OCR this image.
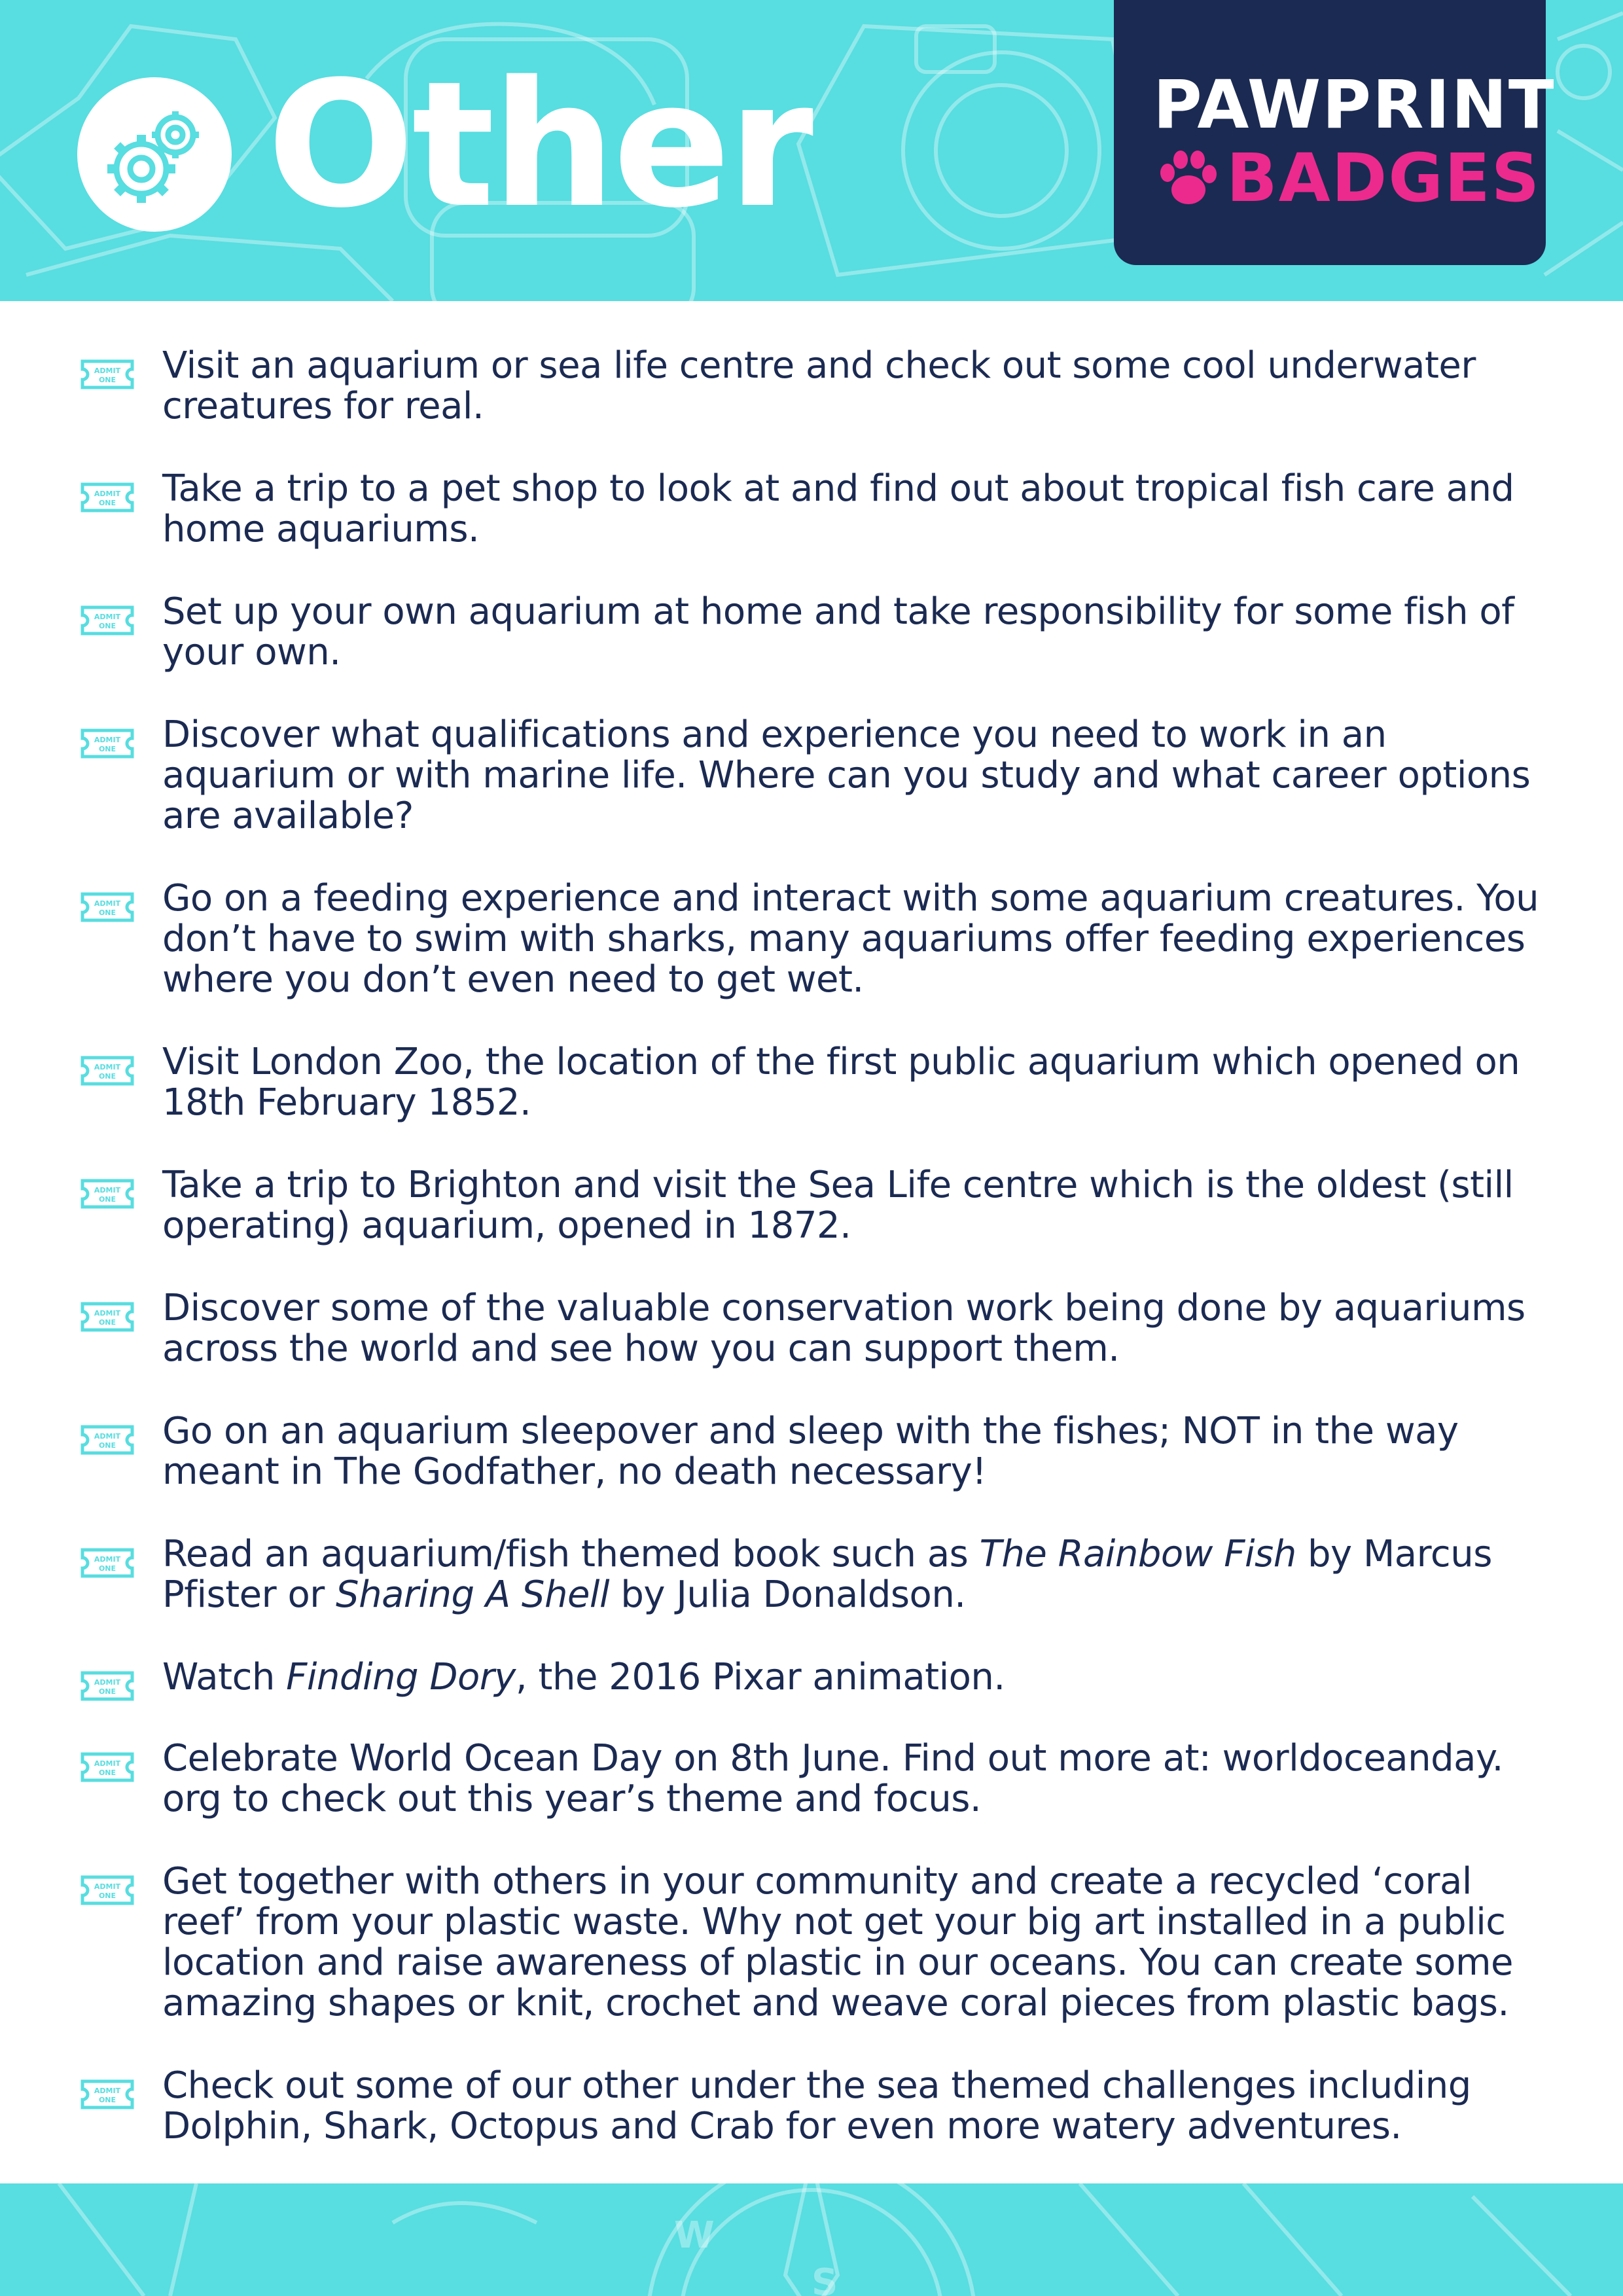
Other	PAWPRINT
BADGES
ADMIT
ONE Visit an aquarium or sea life centre and check out some cool underwater creatures for real.
ADMIT
ONE Take a trip to a pet shop to look at and find out about tropical fish care and home aquariums.
ADMIT
ONE Set up your own aquarium at home and take responsibility for some fish of your own.
ADMIT
ONE Discover what qualifications and experience you need to work in an aquarium or with marine life. Where can you study and what career options are available?
ADMIT
ONE Go on a feeding experience and interact with some aquarium creatures. You don’t have to swim with sharks, many aquariums offer feeding experiences where you don’t even need to get wet.
ADMIT
ONE Visit London Zoo, the location of the first public aquarium which opened on 18th February 1852.
ADMIT
ONE Take a trip to Brighton and visit the Sea Life centre which is the oldest (still operating) aquarium, opened in 1872.
ADMIT
ONE Discover some of the valuable conservation work being done by aquariums across the world and see how you can support them.
ADMIT
ONE Go on an aquarium sleepover and sleep with the fishes; NOT in the way meant in The Godfather, no death necessary!
ADMIT
ONE Read an aquarium/fish themed book such as The Rainbow Fish by Marcus Pfister or Sharing A Shell by Julia Donaldson.
ADMIT
ONE Watch Finding Dory, the 2016 Pixar animation.
ADMIT
ONE Celebrate World Ocean Day on 8th June. Find out more at: worldoceanday. org to check out this year’s theme and focus.
ADMIT
ONE Get together with others in your community and create a recycled ‘coral reef’ from your plastic waste. Why not get your big art installed in a public location and raise awareness of plastic in our oceans. You can create some amazing shapes or knit, crochet and weave coral pieces from plastic bags.
ADMIT
ONE Check out some of our other under the sea themed challenges including Dolphin, Shark, Octopus and Crab for even more watery adventures.
W
S
